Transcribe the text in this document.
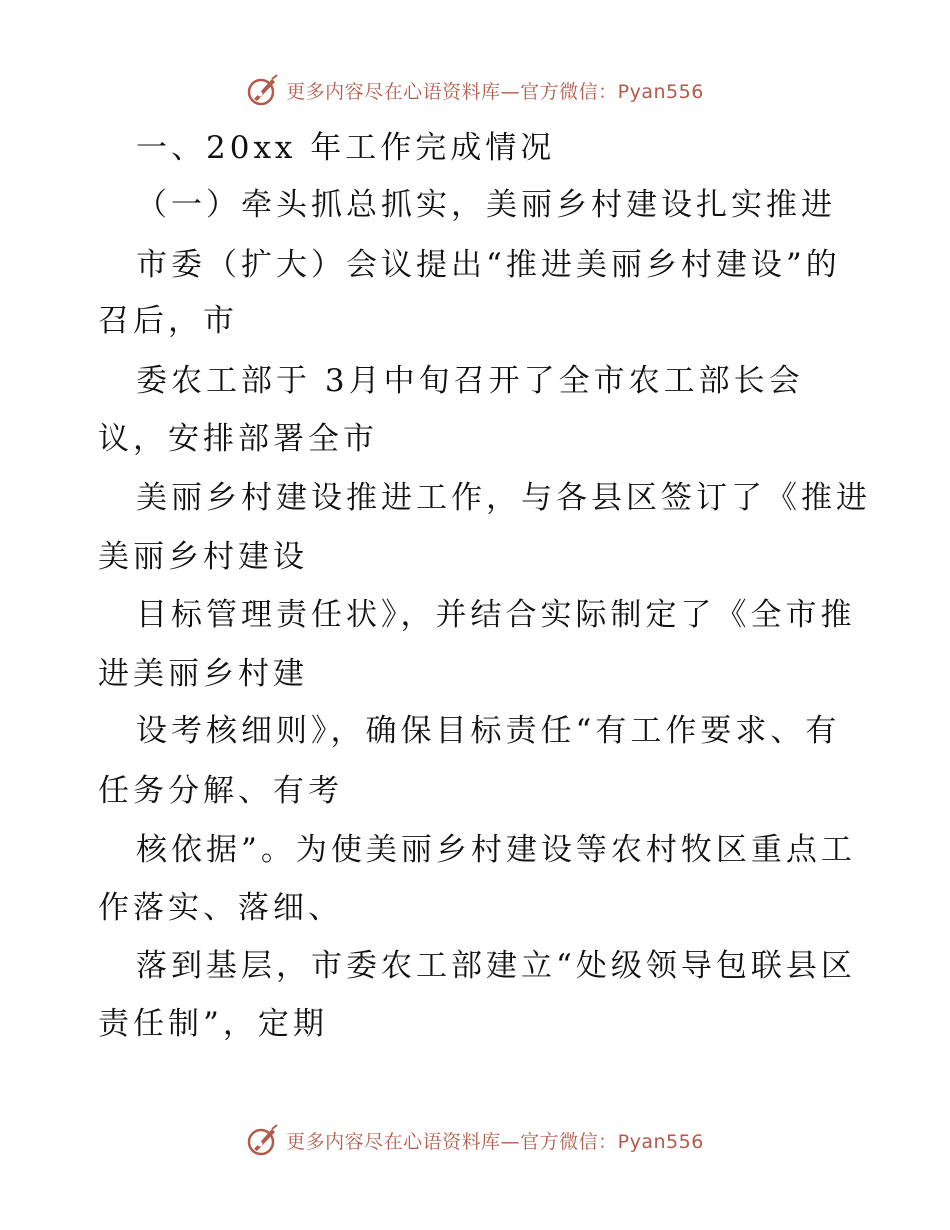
更多内容尽在心语资料库—官方微信：Pyan556
一、20xx 年工作完成情况
（一）牵头抓总抓实，美丽乡村建设扎实推进
市委（扩大）会议提出“推进美丽乡村建设”的
召后，市
委农工部于 3月中旬召开了全市农工部长会
议，安排部署全市
美丽乡村建设推进工作，与各县区签订了《推进
美丽乡村建设
目标管理责任状》，并结合实际制定了《全市推
进美丽乡村建
设考核细则》，确保目标责任“有工作要求、有
任务分解、有考
核依据”。为使美丽乡村建设等农村牧区重点工
作落实、落细、
落到基层，市委农工部建立“处级领导包联县区
责任制”，定期
更多内容尽在心语资料库—官方微信：Pyan556
